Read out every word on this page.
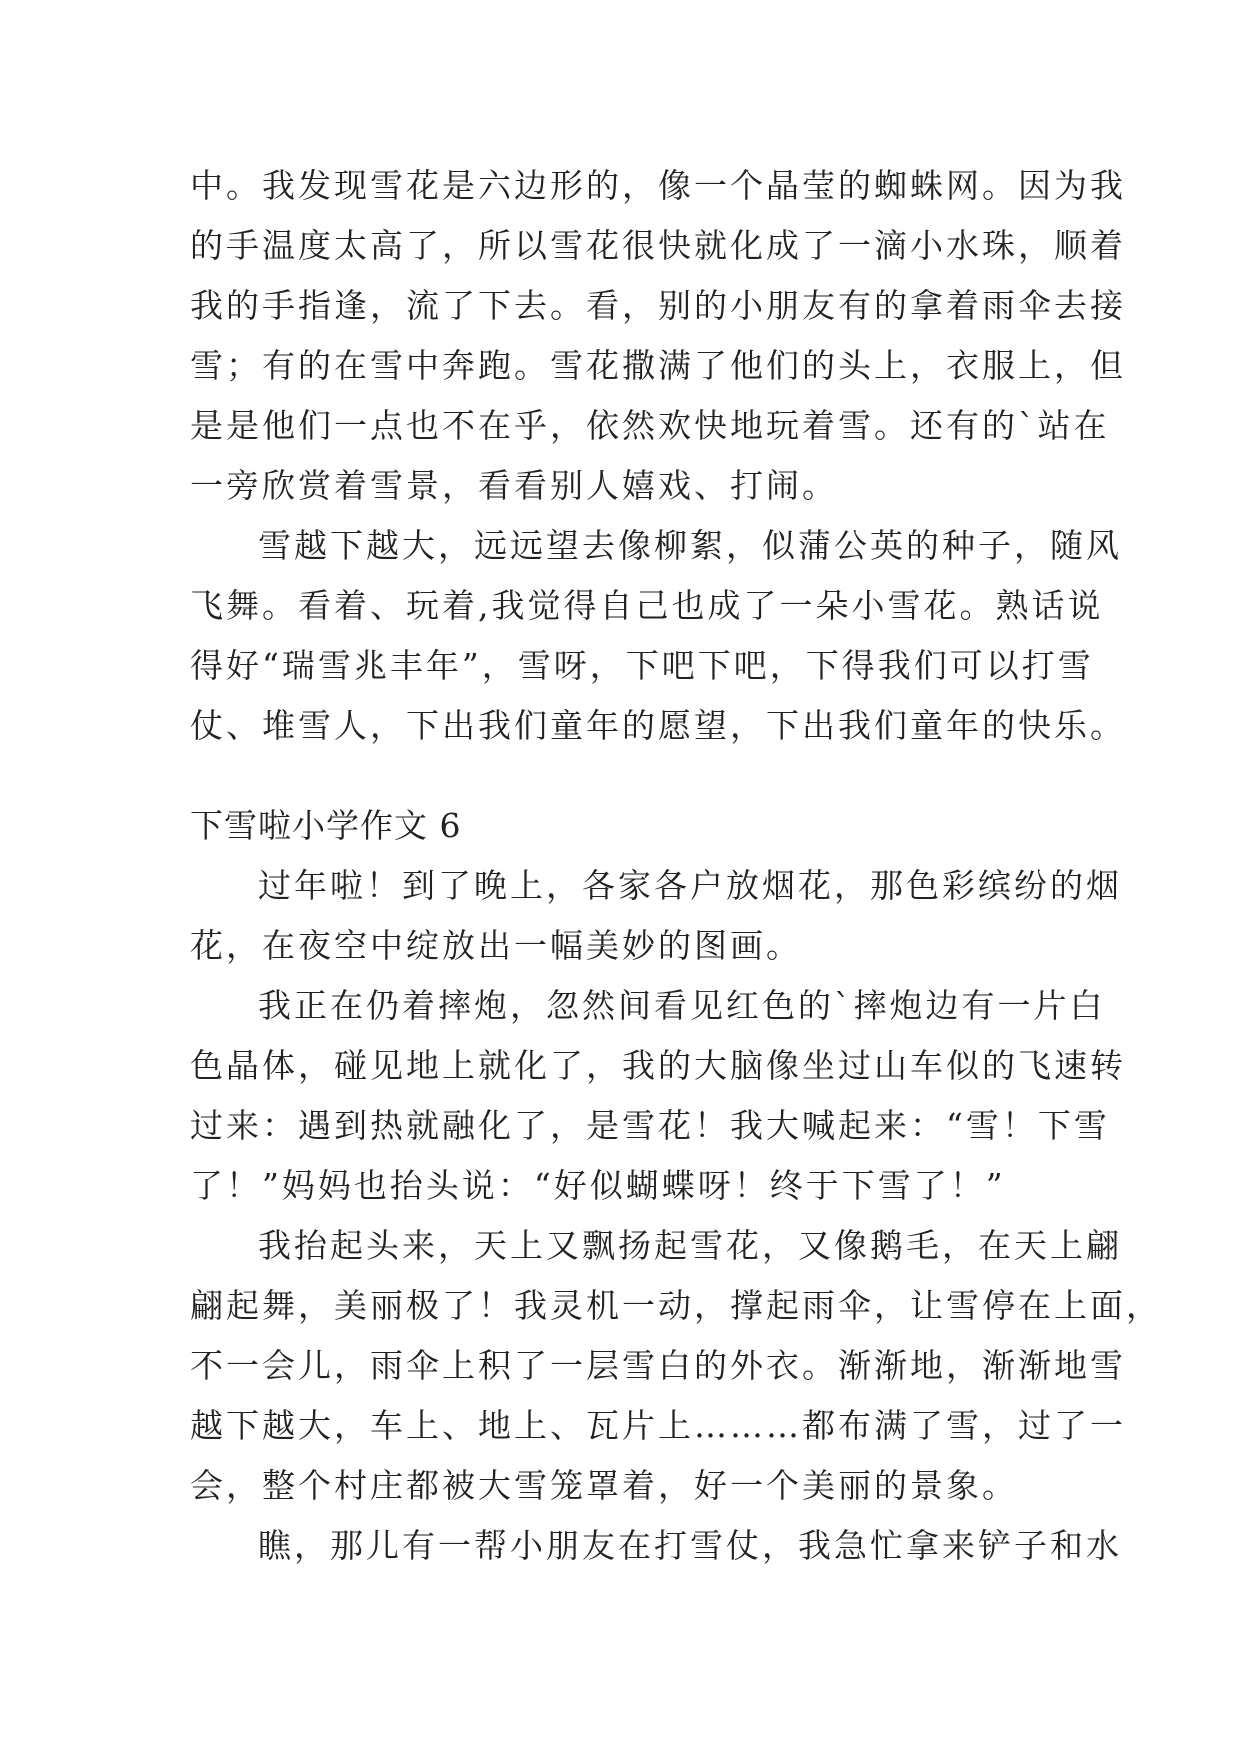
中。我发现雪花是六边形的，像一个晶莹的蜘蛛网。因为我
的手温度太高了，所以雪花很快就化成了一滴小水珠，顺着
我的手指逢，流了下去。看，别的小朋友有的拿着雨伞去接
雪；有的在雪中奔跑。雪花撒满了他们的头上，衣服上，但
是是他们一点也不在乎，依然欢快地玩着雪。还有的`站在
一旁欣赏着雪景，看看别人嬉戏、打闹。
雪越下越大，远远望去像柳絮，似蒲公英的种子，随风
飞舞。看着、玩着,我觉得自己也成了一朵小雪花。熟话说
得好“瑞雪兆丰年”，雪呀，下吧下吧，下得我们可以打雪
仗、堆雪人，下出我们童年的愿望，下出我们童年的快乐。
下雪啦小学作文 6
过年啦！到了晚上，各家各户放烟花，那色彩缤纷的烟
花，在夜空中绽放出一幅美妙的图画。
我正在仍着摔炮，忽然间看见红色的`摔炮边有一片白
色晶体，碰见地上就化了，我的大脑像坐过山车似的飞速转
过来：遇到热就融化了，是雪花！我大喊起来：“雪！下雪
了！”妈妈也抬头说：“好似蝴蝶呀！终于下雪了！”
我抬起头来，天上又飘扬起雪花，又像鹅毛，在天上翩
翩起舞，美丽极了！我灵机一动，撑起雨伞，让雪停在上面，
不一会儿，雨伞上积了一层雪白的外衣。渐渐地，渐渐地雪
越下越大，车上、地上、瓦片上………都布满了雪，过了一
会，整个村庄都被大雪笼罩着，好一个美丽的景象。
瞧，那儿有一帮小朋友在打雪仗，我急忙拿来铲子和水
